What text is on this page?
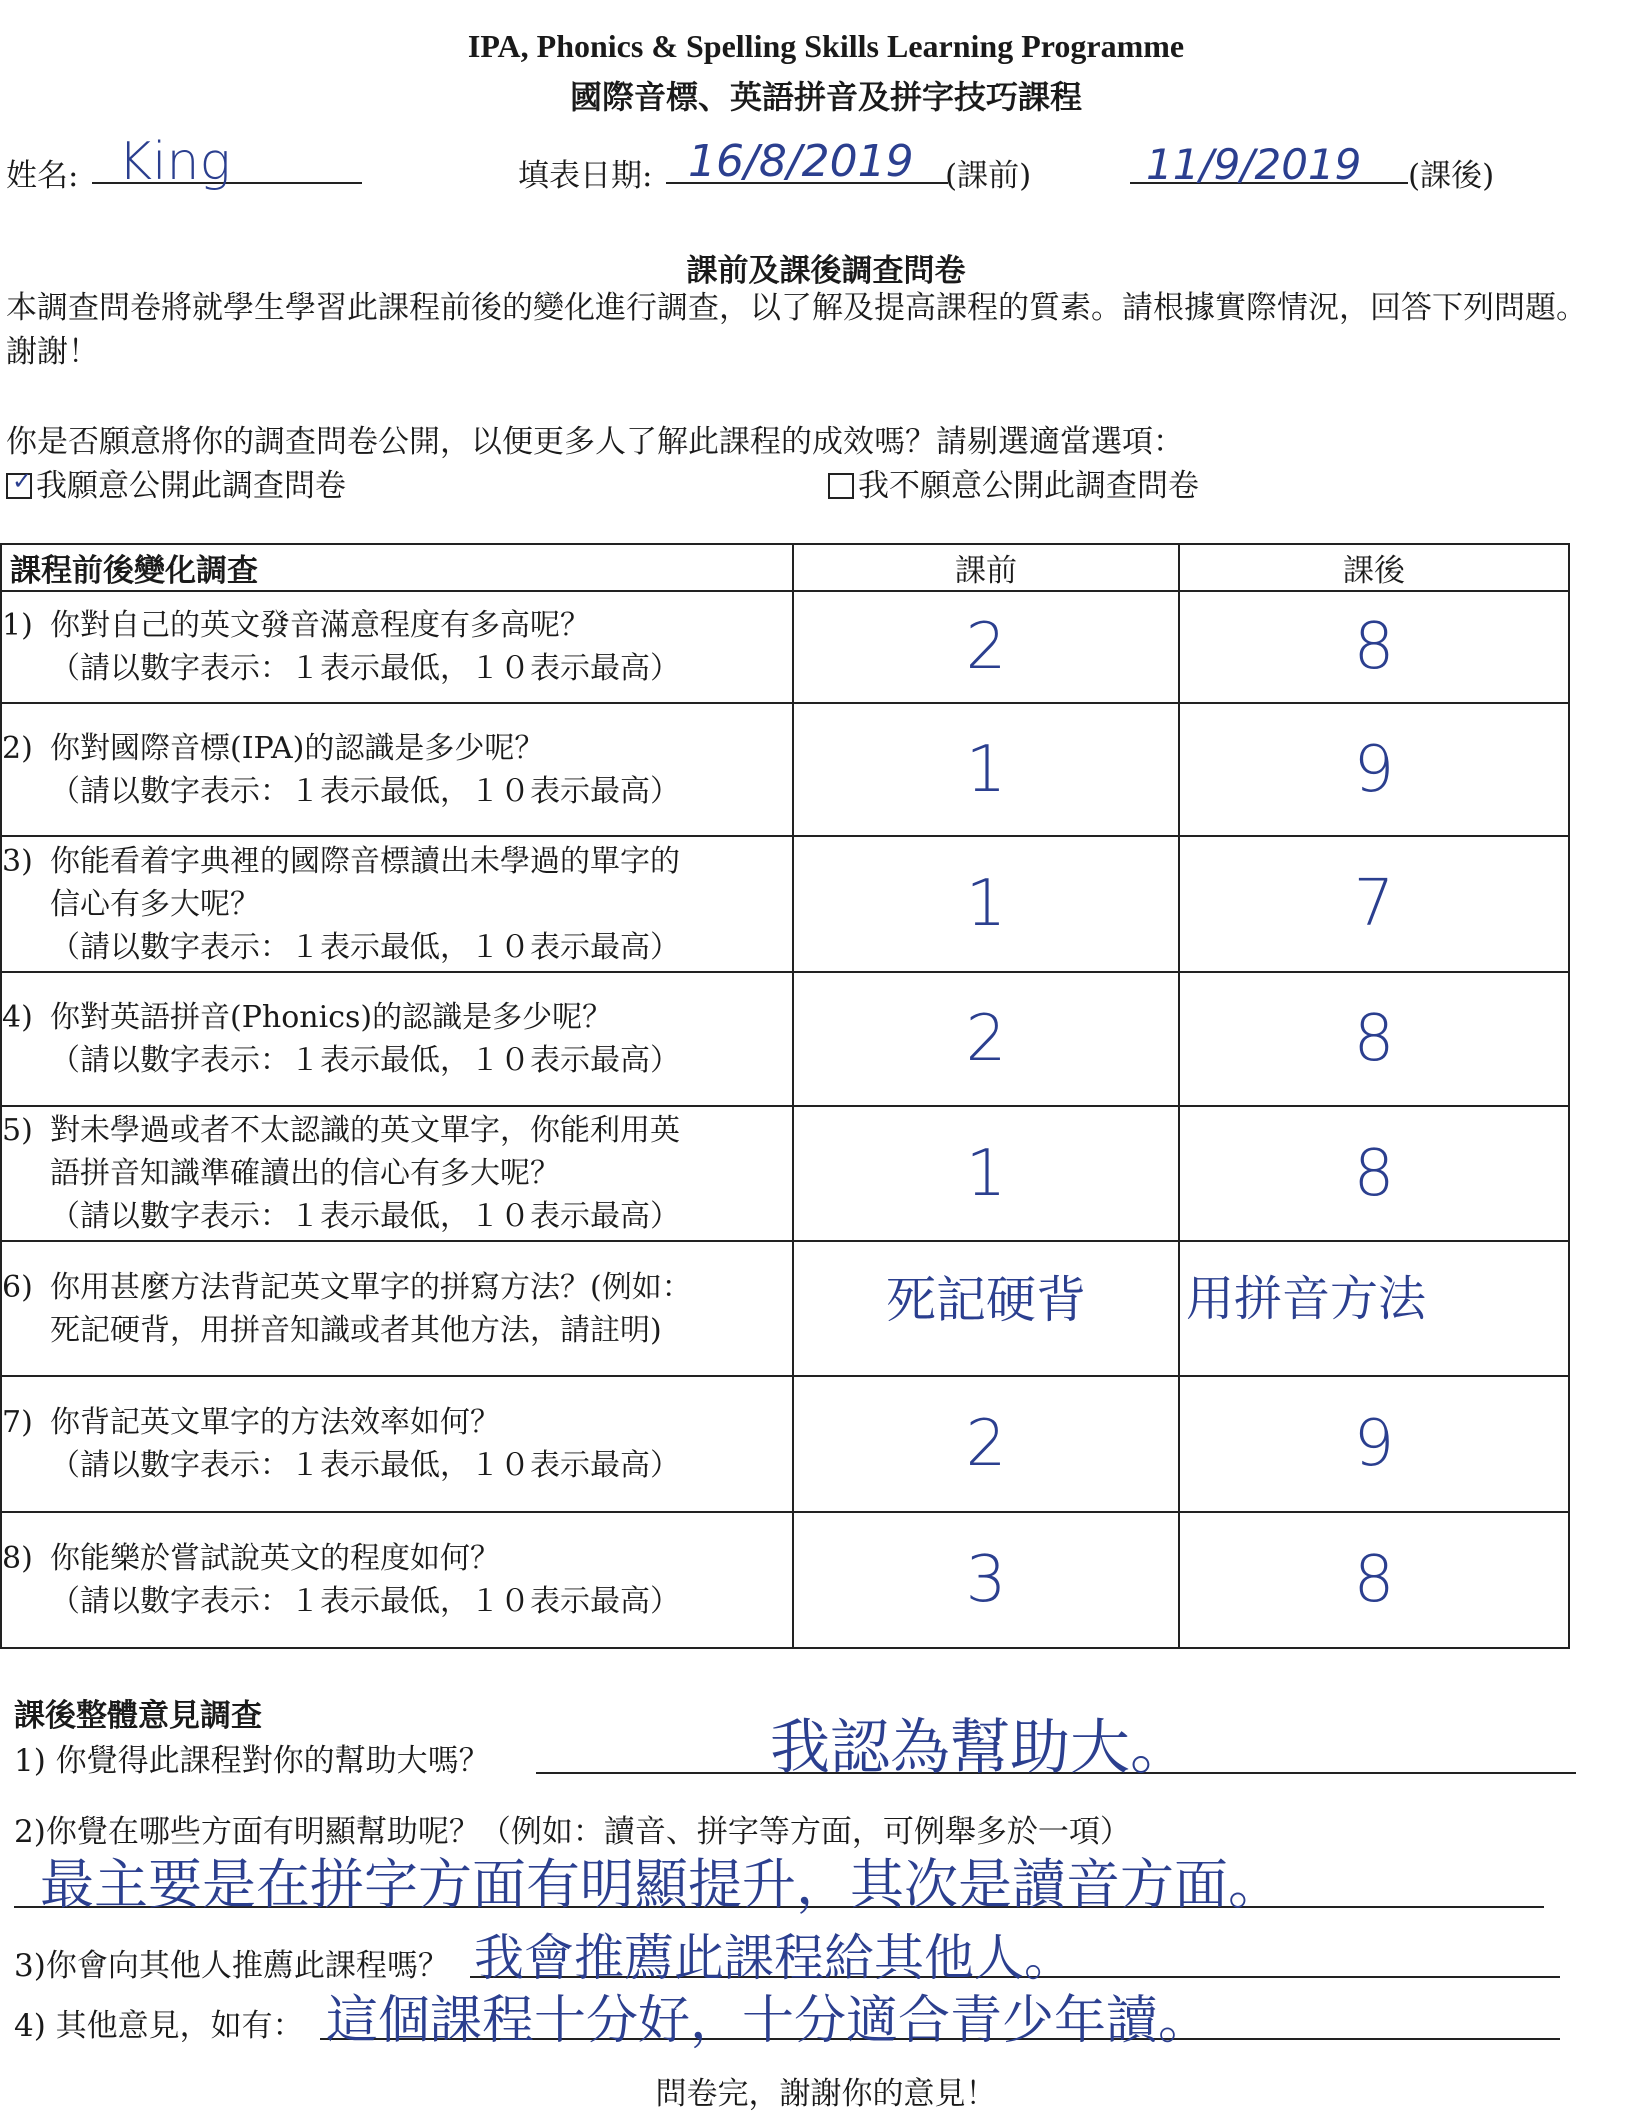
IPA, Phonics & Spelling Skills Learning Programme
國際音標、英語拼音及拼字技巧課程
姓名: King	填表日期: 16/8/2019 (課前)	11/9/2019 (課後)
課前及課後調查問卷
本調查問卷將就學生學習此課程前後的變化進行調查，以了解及提高課程的質素。請根據實際情況，回答下列問題。謝謝！
你是否願意將你的調查問卷公開，以便更多人了解此課程的成效嗎？請剔選適當選項：
✓ 我願意公開此調查問卷	我不願意公開此調查問卷
課程前後變化調查	課前	課後

1) 你對自己的英文發音滿意程度有多高呢？
（請以數字表示：１表示最低，１０表示最高）	2	8

2) 你對國際音標(IPA)的認識是多少呢？
（請以數字表示：１表示最低，１０表示最高）	1	9

3) 你能看着字典裡的國際音標讀出未學過的單字的
信心有多大呢？
（請以數字表示：１表示最低，１０表示最高）	1	7

4) 你對英語拼音(Phonics)的認識是多少呢？
（請以數字表示：１表示最低，１０表示最高）	2	8

5) 對未學過或者不太認識的英文單字，你能利用英
語拼音知識準確讀出的信心有多大呢？
（請以數字表示：１表示最低，１０表示最高）	1	8

6) 你用甚麼方法背記英文單字的拼寫方法？(例如：
死記硬背，用拼音知識或者其他方法，請註明)	死記硬背	用拼音方法

7) 你背記英文單字的方法效率如何？
（請以數字表示：１表示最低，１０表示最高）	2	9

8) 你能樂於嘗試說英文的程度如何？
（請以數字表示：１表示最低，１０表示最高）	3	8
課後整體意見調查
1) 你覺得此課程對你的幫助大嗎？	我認為幫助大。
2)你覺在哪些方面有明顯幫助呢？（例如：讀音、拼字等方面，可例舉多於一項）
最主要是在拼字方面有明顯提升，其次是讀音方面。
3)你會向其他人推薦此課程嗎？ 我會推薦此課程給其他人。
4) 其他意見，如有： 這個課程十分好，十分適合青少年讀。
問卷完，謝謝你的意見！
